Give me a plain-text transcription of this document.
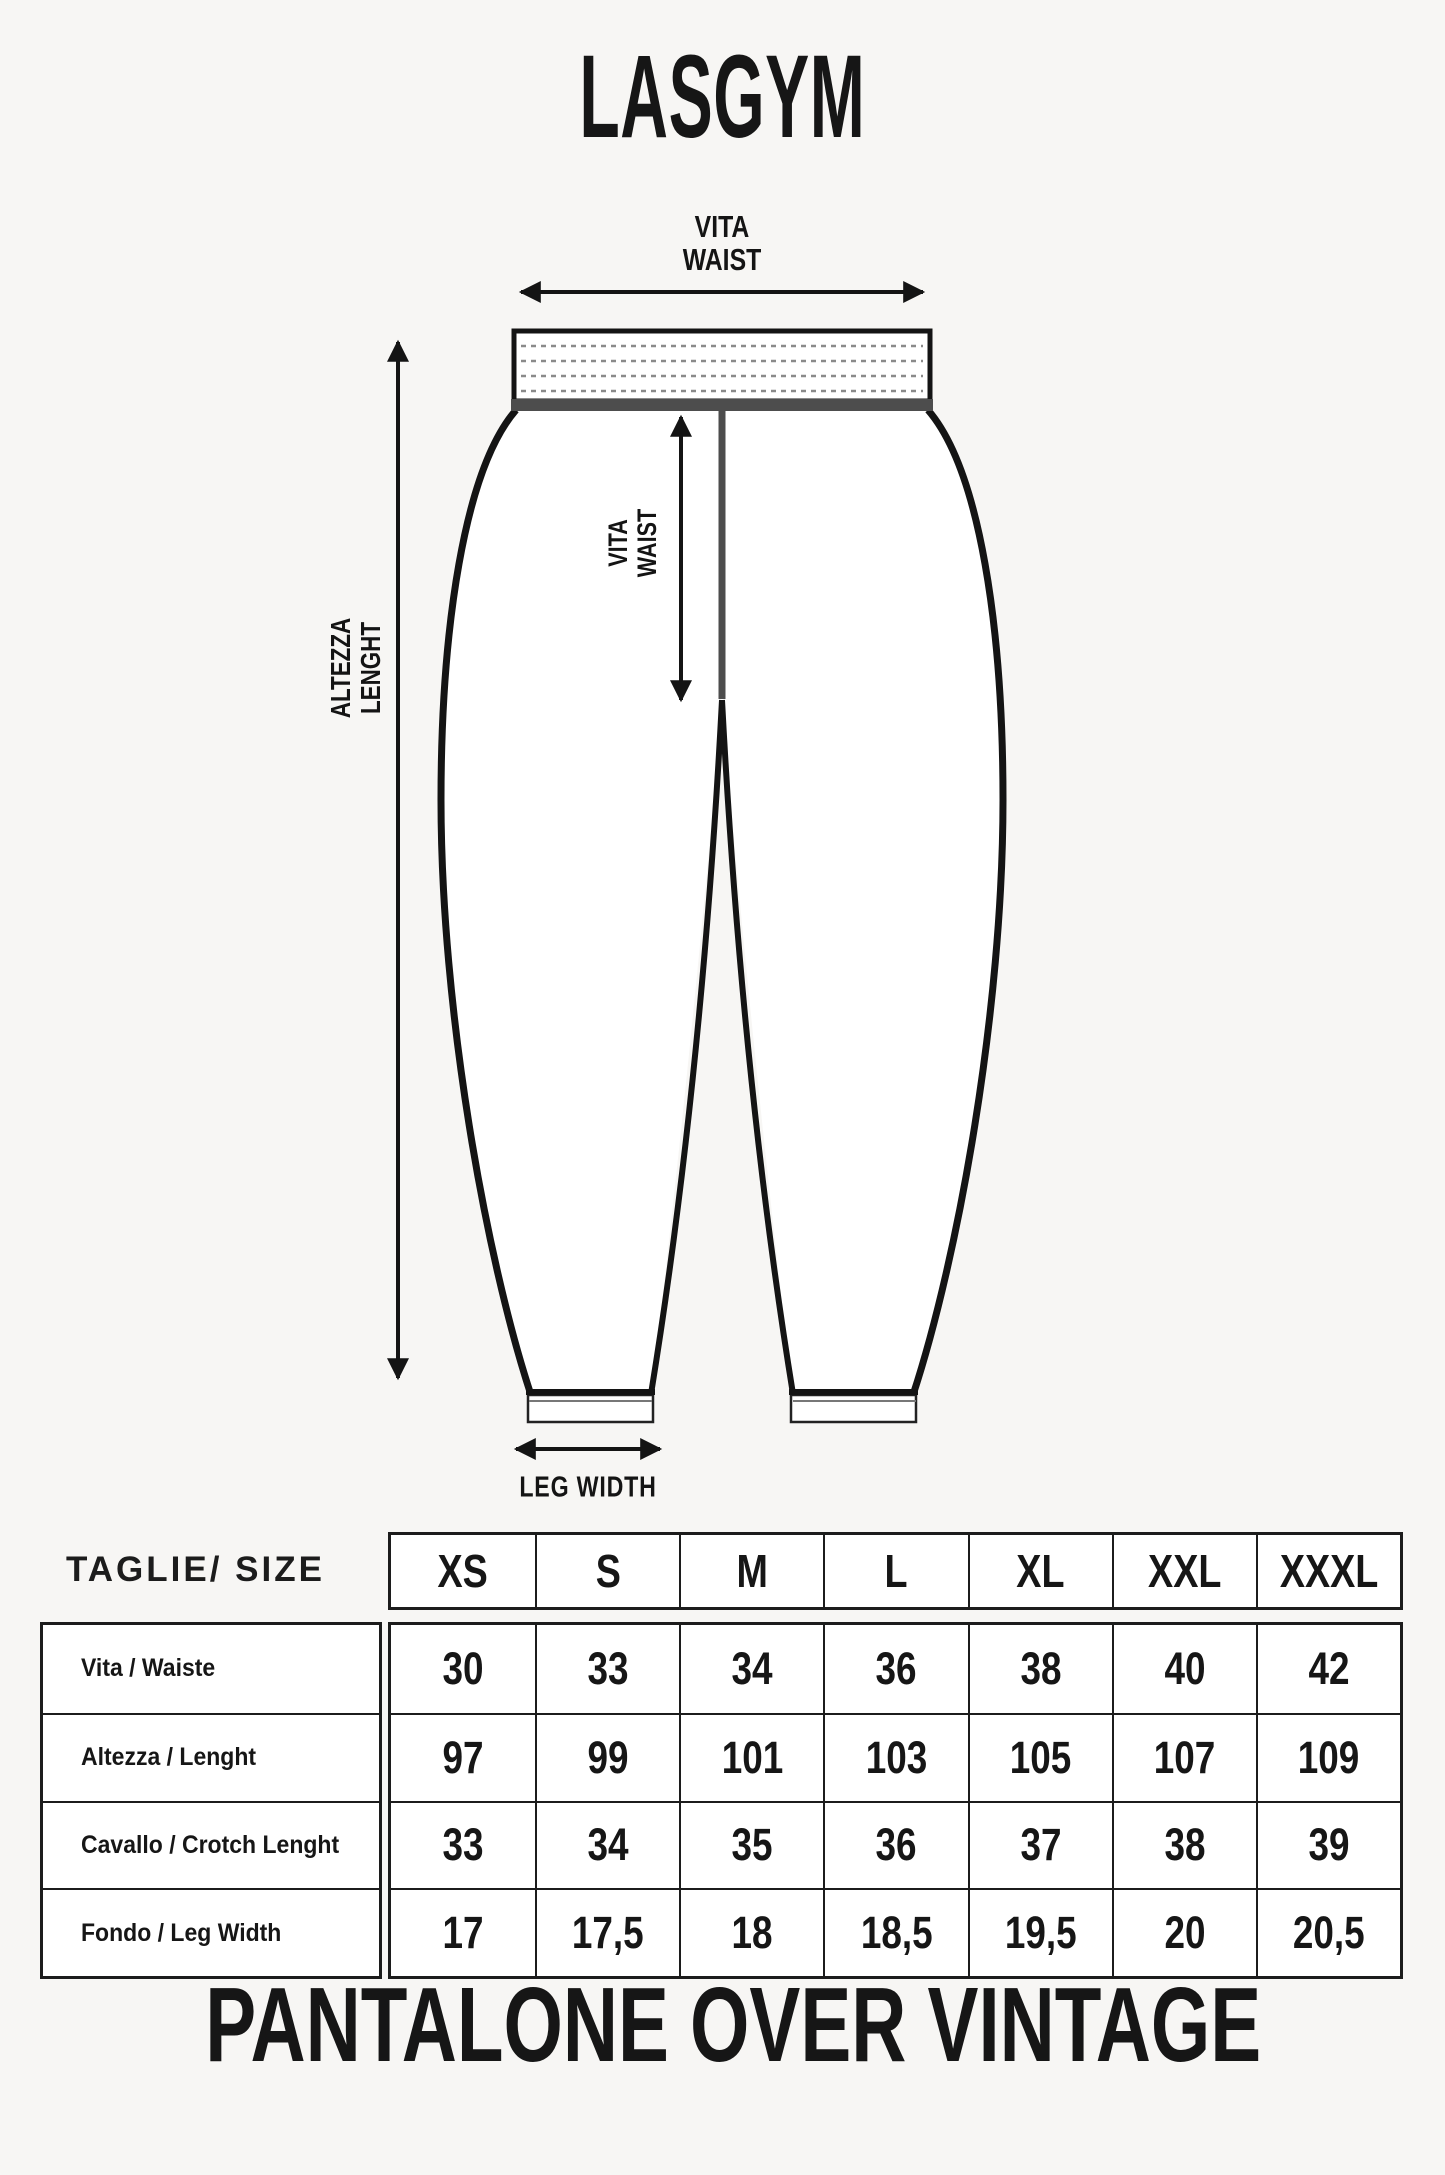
LASGYM
VITA
WAIST
VITA
WAIST
ALTEZZA
LENGHT
LEG WIDTH
TAGLIE/ SIZE XS S	M	L XL XXL XXXL
Vita / Waiste
Altezza / Lenght
Cavallo / Crotch Lenght
Fondo / Leg Width
30 33 34 36 38 40 42
97 99 101 103 105 107 109
33 34 35 36 37 38 39
17 17,5 18 18,5 19,5 20 20,5
PANTALONE OVER VINTAGE
